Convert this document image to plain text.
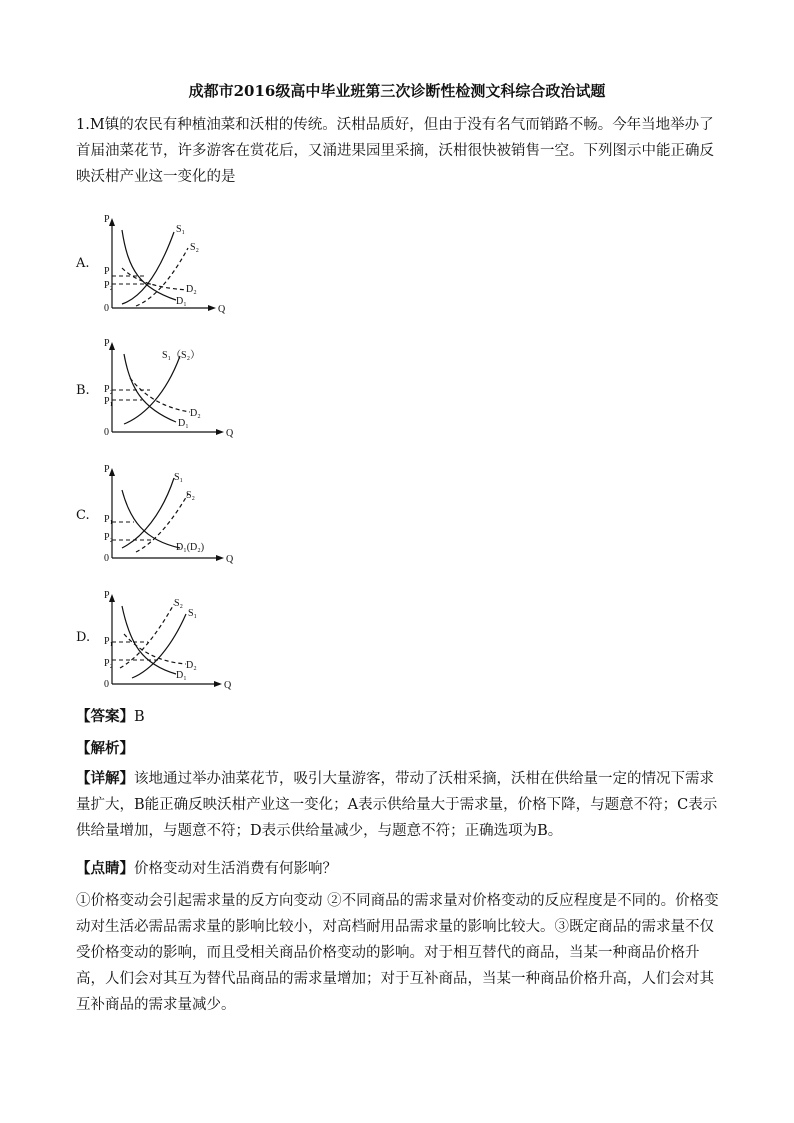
成都市2016级高中毕业班第三次诊断性检测文科综合政治试题

1.M镇的农民有种植油菜和沃柑的传统。沃柑品质好，但由于没有名气而销路不畅。今年当地举办了首届油菜花节，许多游客在赏花后，又涌进果园里采摘，沃柑很快被销售一空。下列图示中能正确反映沃柑产业这一变化的是

A.
P
Q
0
P
P₂
S₁
S₂
D₂
D₁
B.
P
Q
0
P₂
P₁
S₁（S₂）
D₂
D₁
C.
P
Q
0
P₁
P₂
S₁
S₂
D₁(D₂)
D.
P
Q
0
P₁
P₂
S₂
S₁
D₂
D₁

【答案】B

【解析】

【详解】该地通过举办油菜花节，吸引大量游客，带动了沃柑采摘，沃柑在供给量一定的情况下需求量扩大，B能正确反映沃柑产业这一变化；A表示供给量大于需求量，价格下降，与题意不符；C表示供给量增加，与题意不符；D表示供给量减少，与题意不符；正确选项为B。

【点睛】价格变动对生活消费有何影响？

①价格变动会引起需求量的反方向变动 ②不同商品的需求量对价格变动的反应程度是不同的。价格变动对生活必需品需求量的影响比较小，对高档耐用品需求量的影响比较大。③既定商品的需求量不仅受价格变动的影响，而且受相关商品价格变动的影响。对于相互替代的商品，当某一种商品价格升高，人们会对其互为替代品商品的需求量增加；对于互补商品，当某一种商品价格升高，人们会对其互补商品的需求量减少。
